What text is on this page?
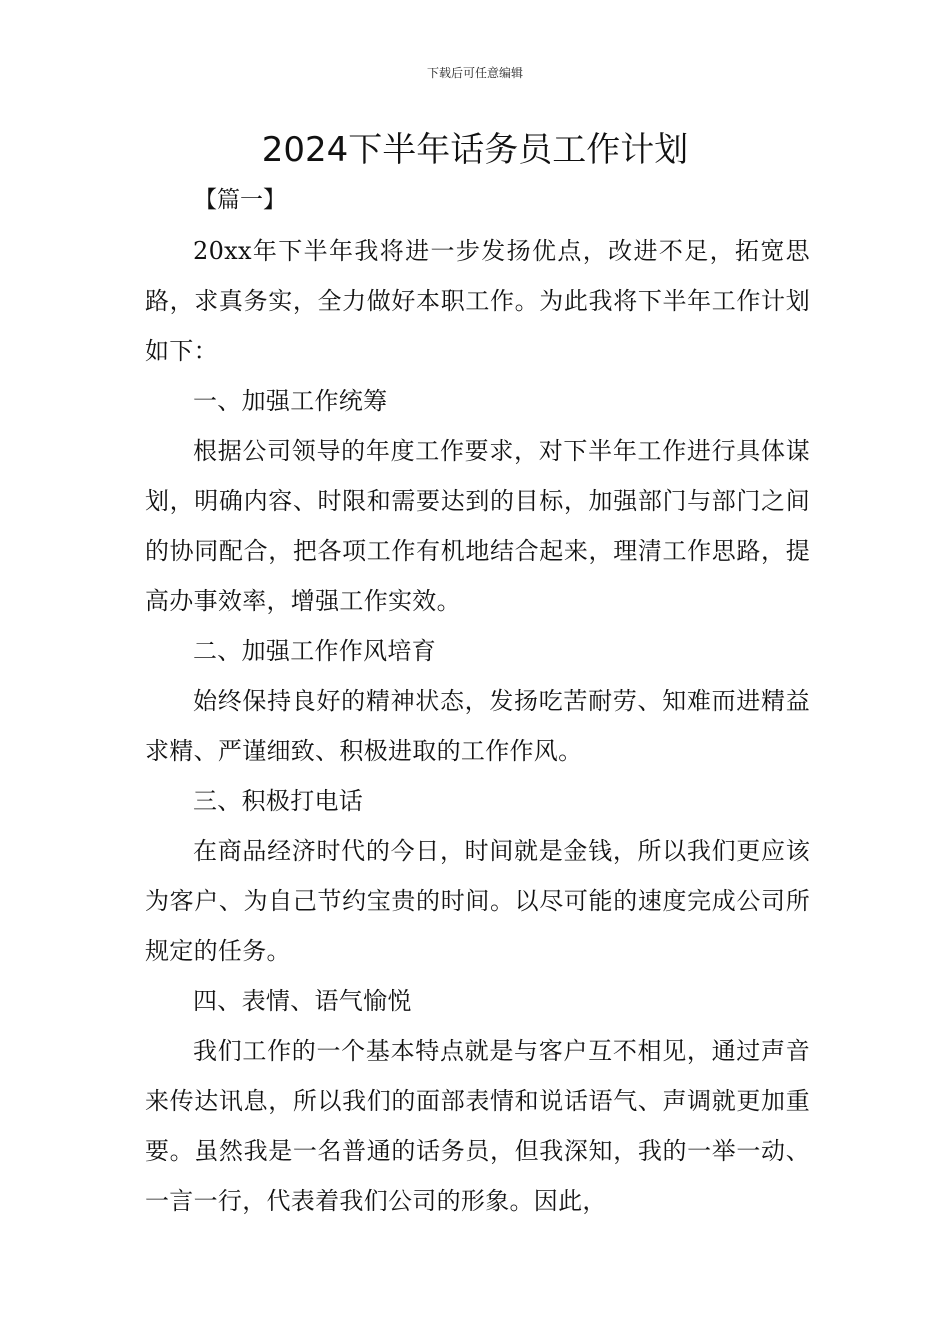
下载后可任意编辑
2024下半年话务员工作计划
【篇一】

20xx年下半年我将进一步发扬优点，改进不足，拓宽思路，求真务实，全力做好本职工作。为此我将下半年工作计划如下：

一、加强工作统筹

根据公司领导的年度工作要求，对下半年工作进行具体谋划，明确内容、时限和需要达到的目标，加强部门与部门之间的协同配合，把各项工作有机地结合起来，理清工作思路，提高办事效率，增强工作实效。

二、加强工作作风培育

始终保持良好的精神状态，发扬吃苦耐劳、知难而进精益求精、严谨细致、积极进取的工作作风。

三、积极打电话

在商品经济时代的今日，时间就是金钱，所以我们更应该为客户、为自己节约宝贵的时间。以尽可能的速度完成公司所规定的任务。

四、表情、语气愉悦

我们工作的一个基本特点就是与客户互不相见，通过声音来传达讯息，所以我们的面部表情和说话语气、声调就更加重要。虽然我是一名普通的话务员，但我深知，我的一举一动、一言一行，代表着我们公司的形象。因此，
